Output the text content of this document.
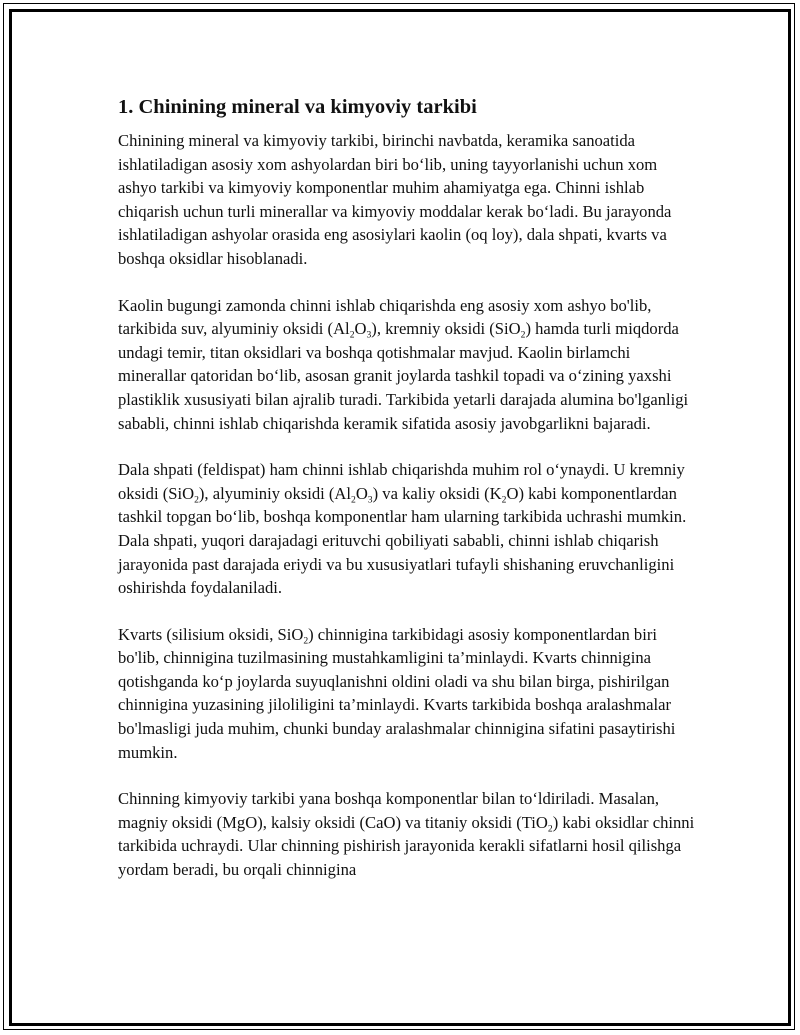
1. Chinining mineral va kimyoviy tarkibi

Chinining mineral va kimyoviy tarkibi, birinchi navbatda, keramika sanoatida ishlatiladigan asosiy xom ashyolardan biri bo‘lib, uning tayyorlanishi uchun xom ashyo tarkibi va kimyoviy komponentlar muhim ahamiyatga ega. Chinni ishlab chiqarish uchun turli minerallar va kimyoviy moddalar kerak bo‘ladi. Bu jarayonda ishlatiladigan ashyolar orasida eng asosiylari kaolin (oq loy), dala shpati, kvarts va boshqa oksidlar hisoblanadi.

Kaolin bugungi zamonda chinni ishlab chiqarishda eng asosiy xom ashyo bo'lib, tarkibida suv, alyuminiy oksidi $(Al_2O_3)$, kremniy oksidi (SiO$_2$) hamda turli miqdorda undagi temir, titan oksidlari va boshqa qotishmalar mavjud. Kaolin birlamchi minerallar qatoridan bo‘lib, asosan granit joylarda tashkil topadi va o‘zining yaxshi plastiklik xususiyati bilan ajralib turadi. Tarkibida yetarli darajada alumina bo'lganligi sababli, chinni ishlab chiqarishda keramik sifatida asosiy javobgarlikni bajaradi.

Dala shpati (feldispat) ham chinni ishlab chiqarishda muhim rol o‘ynaydi. U kremniy oksidi (SiO$_2$), alyuminiy oksidi $(Al_2O_3)$ va kaliy oksidi $(K_2O)$ kabi komponentlardan tashkil topgan bo‘lib, boshqa komponentlar ham ularning tarkibida uchrashi mumkin. Dala shpati, yuqori darajadagi erituvchi qobiliyati sababli, chinni ishlab chiqarish jarayonida past darajada eriydi va bu xususiyatlari tufayli shishaning eruvchanligini oshirishda foydalaniladi.

Kvarts (silisium oksidi, SiO$_2$) chinnigina tarkibidagi asosiy komponentlardan biri bo'lib, chinnigina tuzilmasining mustahkamligini ta’minlaydi. Kvarts chinnigina qotishganda ko‘p joylarda suyuqlanishni oldini oladi va shu bilan birga, pishirilgan chinnigina yuzasining jiloliligini ta’minlaydi. Kvarts tarkibida boshqa aralashmalar bo'lmasligi juda muhim, chunki bunday aralashmalar chinnigina sifatini pasaytirishi mumkin.

Chinning kimyoviy tarkibi yana boshqa komponentlar bilan to‘ldiriladi. Masalan, magniy oksidi (MgO), kalsiy oksidi (CaO) va titaniy oksidi (TiO$_2$) kabi oksidlar chinni tarkibida uchraydi. Ular chinning pishirish jarayonida kerakli sifatlarni hosil qilishga yordam beradi, bu orqali chinnigina
